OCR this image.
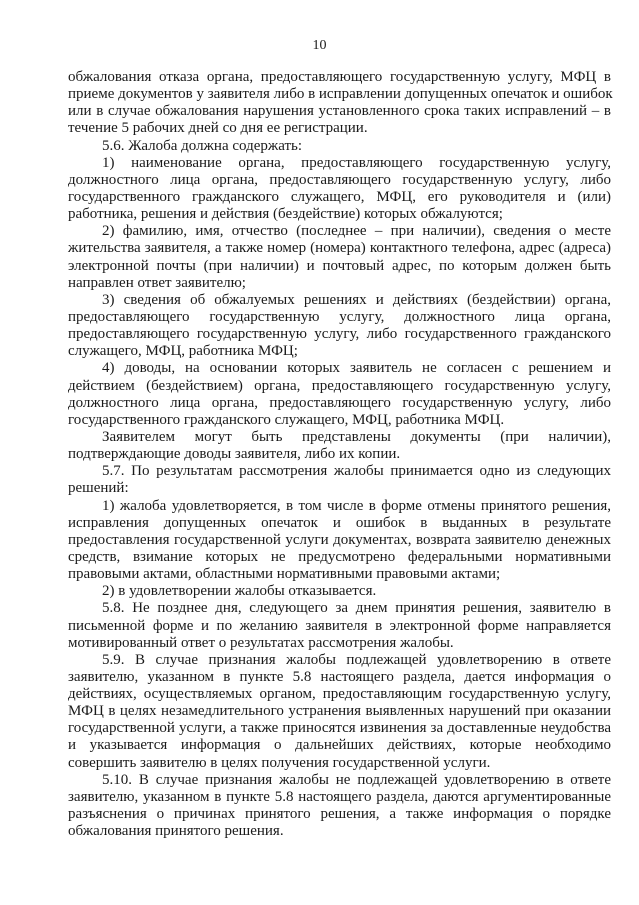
10
обжалования отказа органа, предоставляющего государственную услугу, МФЦ в
приеме документов у заявителя либо в исправлении допущенных опечаток и ошибок
или в случае обжалования нарушения установленного срока таких исправлений – в
течение 5 рабочих дней со дня ее регистрации.
5.6. Жалоба должна содержать:
1) наименование органа, предоставляющего государственную услугу,
должностного лица органа, предоставляющего государственную услугу, либо
государственного гражданского служащего, МФЦ, его руководителя и (или)
работника, решения и действия (бездействие) которых обжалуются;
2) фамилию, имя, отчество (последнее – при наличии), сведения о месте
жительства заявителя, а также номер (номера) контактного телефона, адрес (адреса)
электронной почты (при наличии) и почтовый адрес, по которым должен быть
направлен ответ заявителю;
3) сведения об обжалуемых решениях и действиях (бездействии) органа,
предоставляющего государственную услугу, должностного лица органа,
предоставляющего государственную услугу, либо государственного гражданского
служащего, МФЦ, работника МФЦ;
4) доводы, на основании которых заявитель не согласен с решением и
действием (бездействием) органа, предоставляющего государственную услугу,
должностного лица органа, предоставляющего государственную услугу, либо
государственного гражданского служащего, МФЦ, работника МФЦ.
Заявителем могут быть представлены документы (при наличии),
подтверждающие доводы заявителя, либо их копии.
5.7. По результатам рассмотрения жалобы принимается одно из следующих
решений:
1) жалоба удовлетворяется, в том числе в форме отмены принятого решения,
исправления допущенных опечаток и ошибок в выданных в результате
предоставления государственной услуги документах, возврата заявителю денежных
средств, взимание которых не предусмотрено федеральными нормативными
правовыми актами, областными нормативными правовыми актами;
2) в удовлетворении жалобы отказывается.
5.8. Не позднее дня, следующего за днем принятия решения, заявителю в
письменной форме и по желанию заявителя в электронной форме направляется
мотивированный ответ о результатах рассмотрения жалобы.
5.9. В случае признания жалобы подлежащей удовлетворению в ответе
заявителю, указанном в пункте 5.8 настоящего раздела, дается информация о
действиях, осуществляемых органом, предоставляющим государственную услугу,
МФЦ в целях незамедлительного устранения выявленных нарушений при оказании
государственной услуги, а также приносятся извинения за доставленные неудобства
и указывается информация о дальнейших действиях, которые необходимо
совершить заявителю в целях получения государственной услуги.
5.10. В случае признания жалобы не подлежащей удовлетворению в ответе
заявителю, указанном в пункте 5.8 настоящего раздела, даются аргументированные
разъяснения о причинах принятого решения, а также информация о порядке
обжалования принятого решения.
